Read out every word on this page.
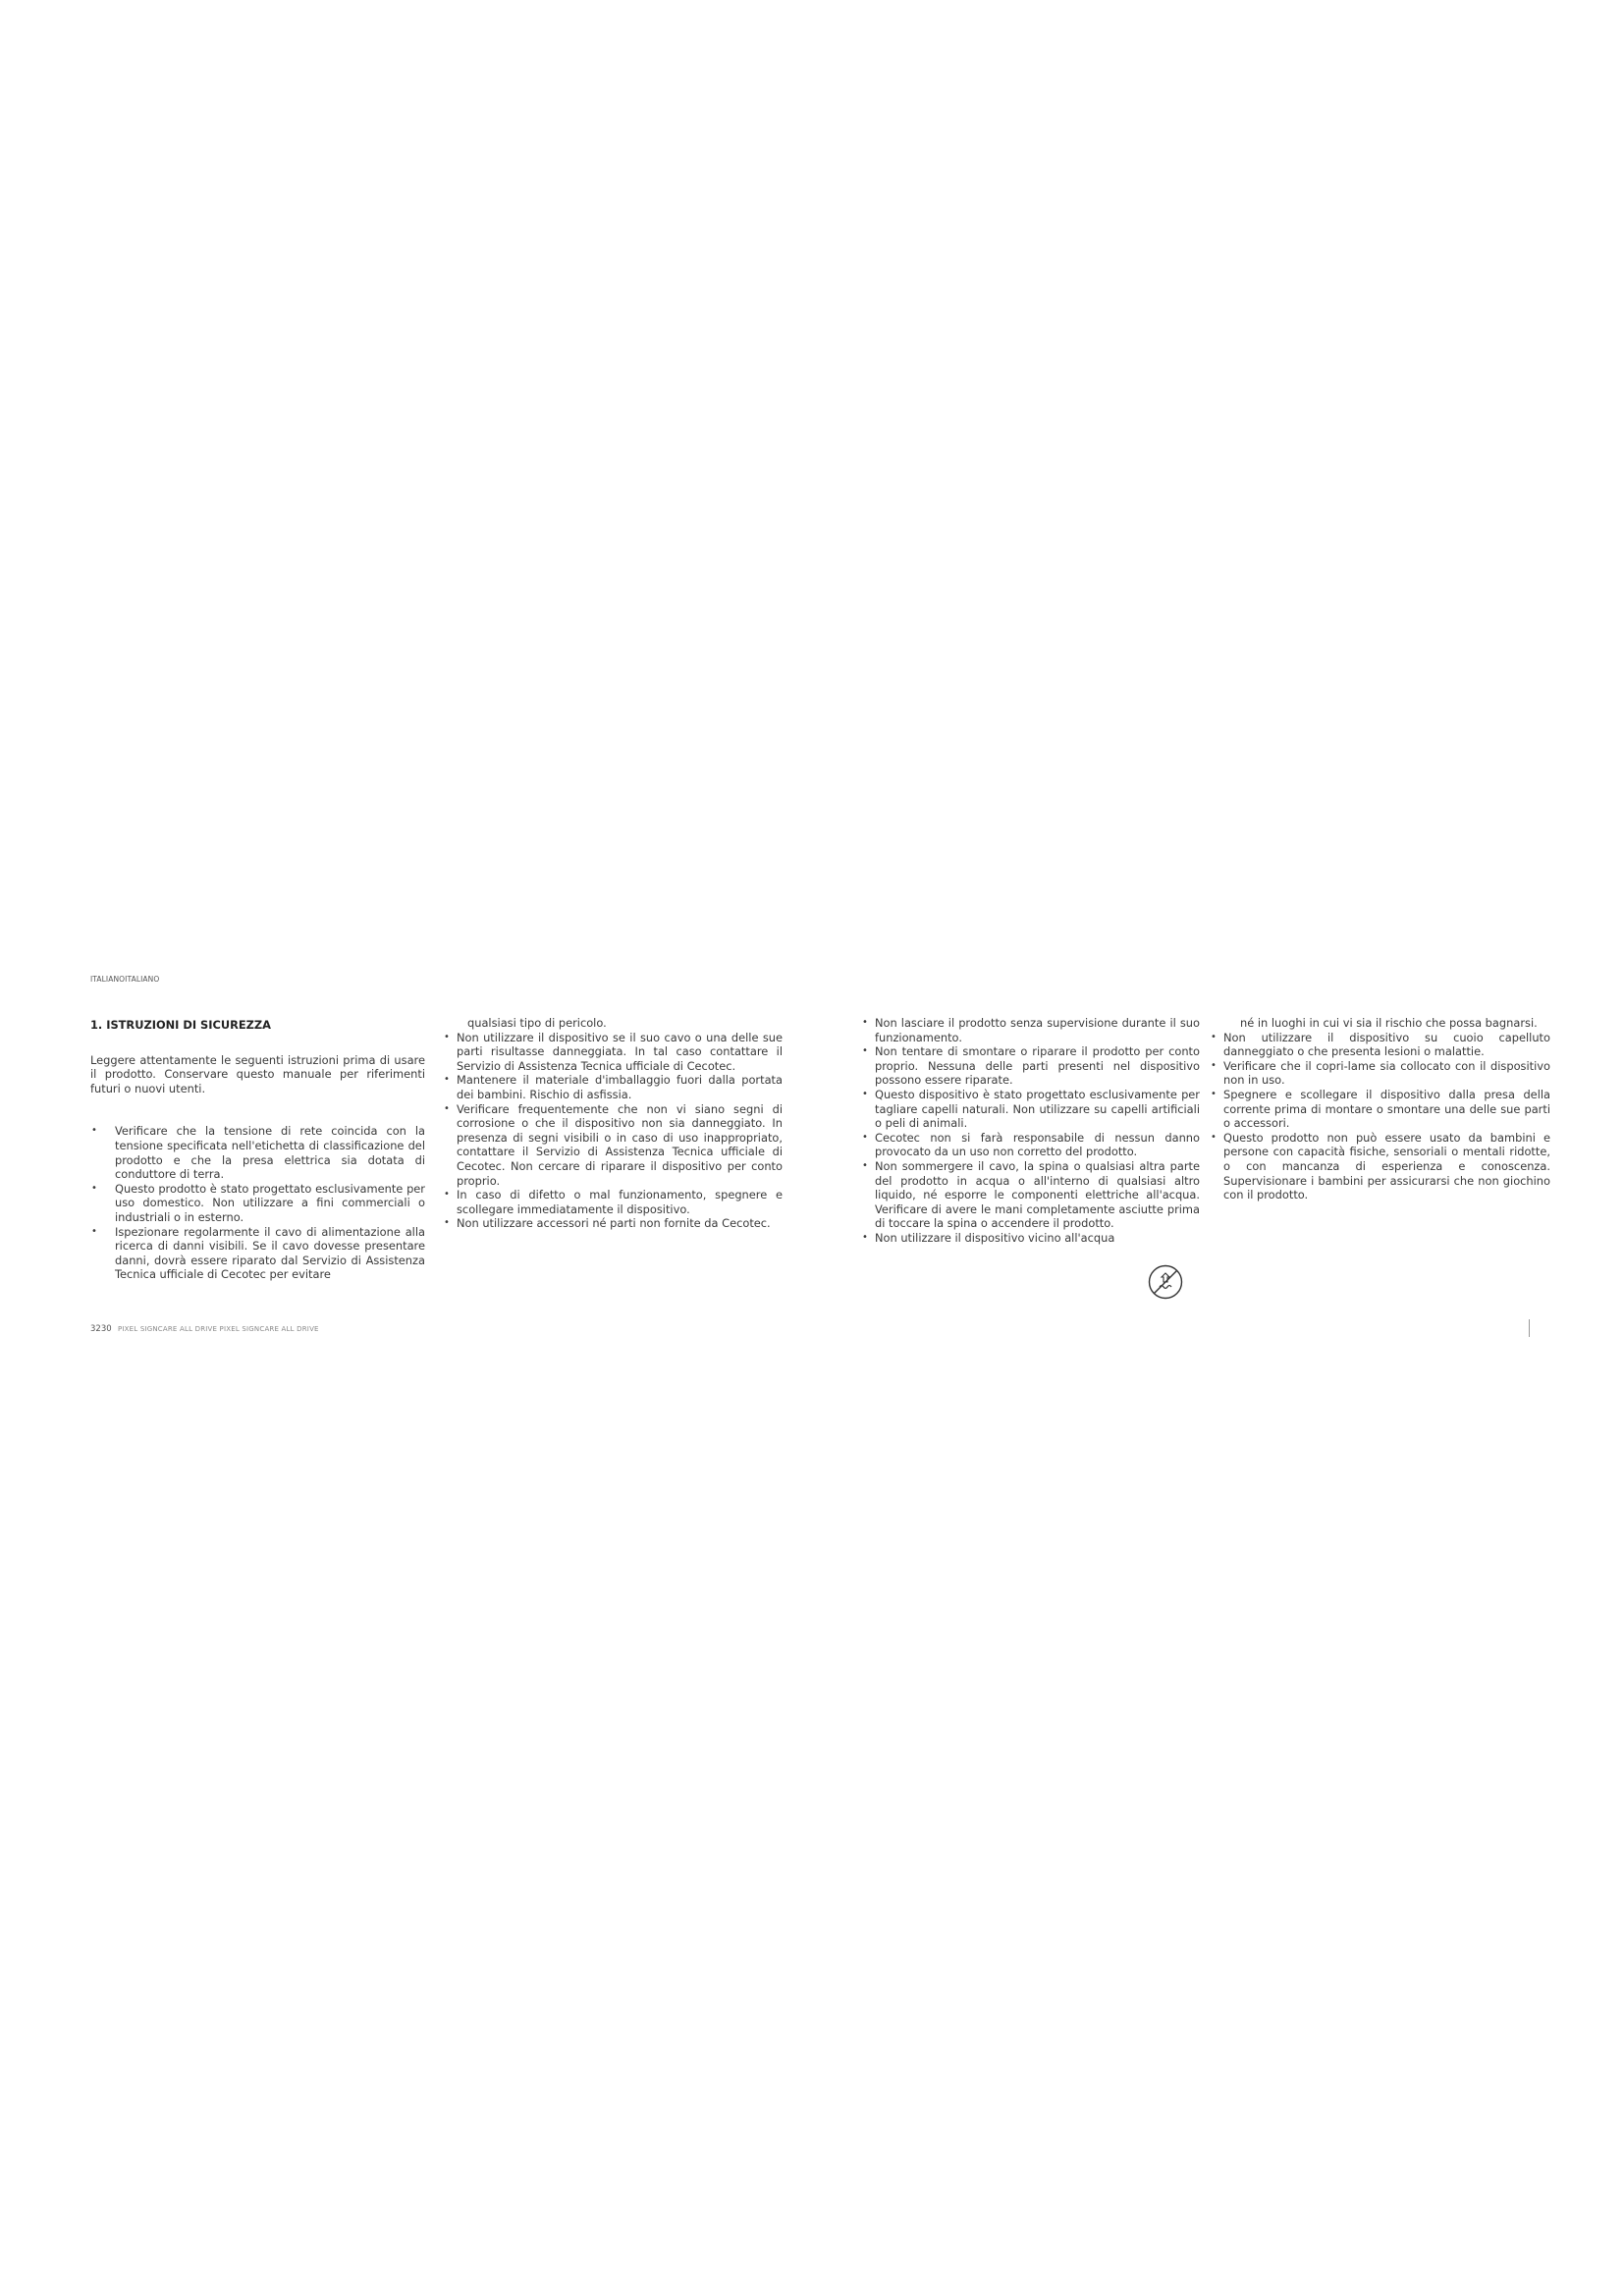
ITALIANOITALIANO

1. ISTRUZIONI DI SICUREZZA

Leggere attentamente le seguenti istruzioni prima di usare il prodotto. Conservare questo manuale per riferimenti futuri o nuovi utenti.

• Verificare che la tensione di rete coincida con la tensione specificata nell'etichetta di classificazione del prodotto e che la presa elettrica sia dotata di conduttore di terra.
• Questo prodotto è stato progettato esclusivamente per uso domestico. Non utilizzare a fini commerciali o industriali o in esterno.
• Ispezionare regolarmente il cavo di alimentazione alla ricerca di danni visibili. Se il cavo dovesse presentare danni, dovrà essere riparato dal Servizio di Assistenza Tecnica ufficiale di Cecotec per evitare

qualsiasi tipo di pericolo.

• Non utilizzare il dispositivo se il suo cavo o una delle sue parti risultasse danneggiata. In tal caso contattare il Servizio di Assistenza Tecnica ufficiale di Cecotec.
• Mantenere il materiale d'imballaggio fuori dalla portata dei bambini. Rischio di asfissia.
• Verificare frequentemente che non vi siano segni di corrosione o che il dispositivo non sia danneggiato. In presenza di segni visibili o in caso di uso inappropriato, contattare il Servizio di Assistenza Tecnica ufficiale di Cecotec. Non cercare di riparare il dispositivo per conto proprio.
• In caso di difetto o mal funzionamento, spegnere e scollegare immediatamente il dispositivo.
• Non utilizzare accessori né parti non fornite da Cecotec.
• Non lasciare il prodotto senza supervisione durante il suo funzionamento.
• Non tentare di smontare o riparare il prodotto per conto proprio. Nessuna delle parti presenti nel dispositivo possono essere riparate.
• Questo dispositivo è stato progettato esclusivamente per tagliare capelli naturali. Non utilizzare su capelli artificiali o peli di animali.
• Cecotec non si farà responsabile di nessun danno provocato da un uso non corretto del prodotto.
• Non sommergere il cavo, la spina o qualsiasi altra parte del prodotto in acqua o all'interno di qualsiasi altro liquido, né esporre le componenti elettriche all'acqua. Verificare di avere le mani completamente asciutte prima di toccare la spina o accendere il prodotto.
• Non utilizzare il dispositivo vicino all'acqua

né in luoghi in cui vi sia il rischio che possa bagnarsi.

• Non utilizzare il dispositivo su cuoio capelluto danneggiato o che presenta lesioni o malattie.
• Verificare che il copri-lame sia collocato con il dispositivo non in uso.
• Spegnere e scollegare il dispositivo dalla presa della corrente prima di montare o smontare una delle sue parti o accessori.
• Questo prodotto non può essere usato da bambini e persone con capacità fisiche, sensoriali o mentali ridotte, o con mancanza di esperienza e conoscenza. Supervisionare i bambini per assicurarsi che non giochino con il prodotto.
3230 PIXEL SIGNCARE ALL DRIVE PIXEL SIGNCARE ALL DRIVE
